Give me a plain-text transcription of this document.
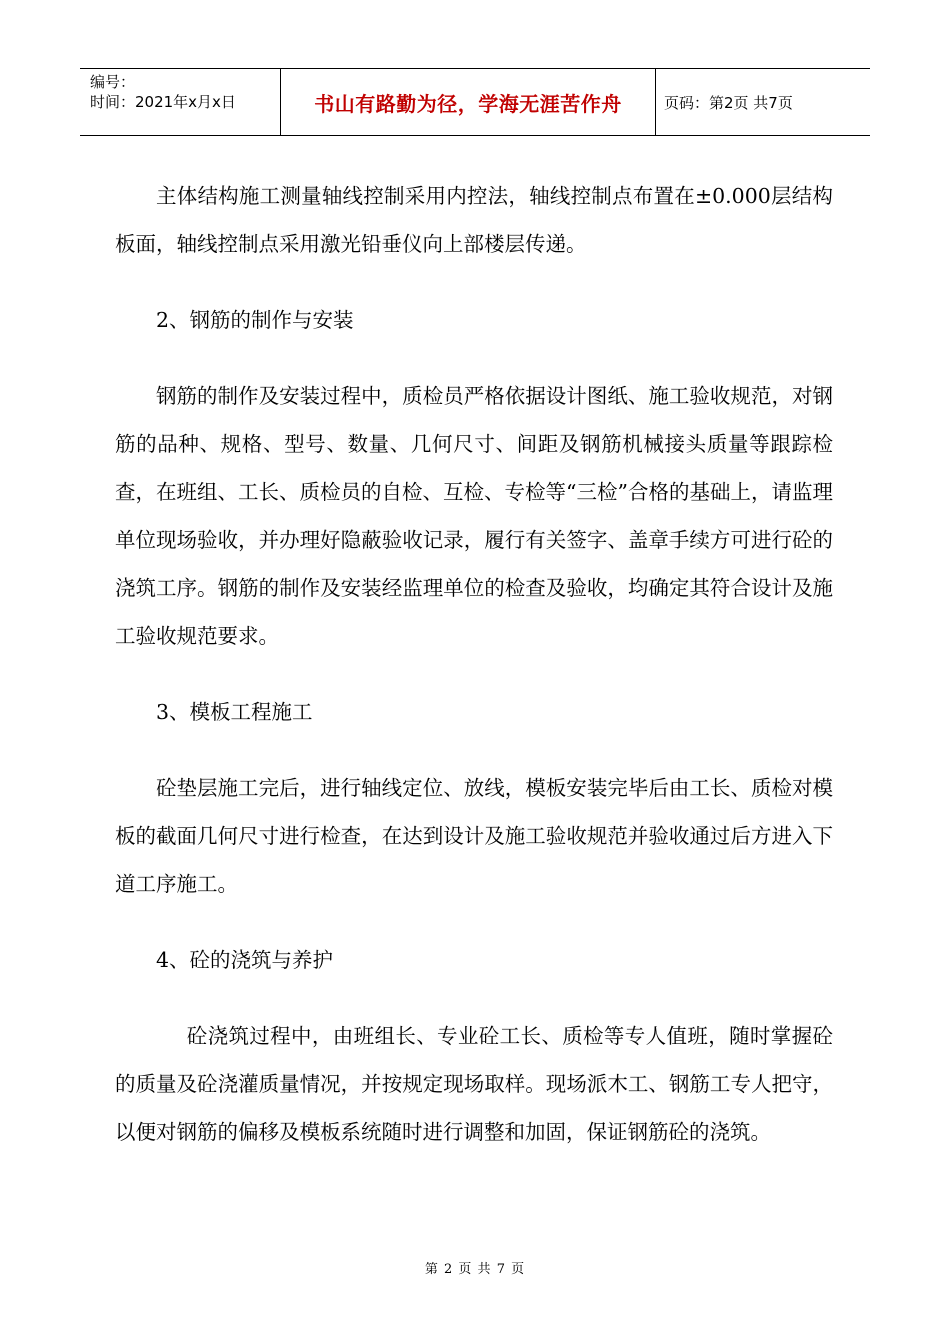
编号：
时间：2021年x月x日	书山有路勤为径，学海无涯苦作舟	页码：第2页 共7页

主体结构施工测量轴线控制采用内控法，轴线控制点布置在±0.000层结构板面，轴线控制点采用激光铅垂仪向上部楼层传递。

2、钢筋的制作与安装

钢筋的制作及安装过程中，质检员严格依据设计图纸、施工验收规范，对钢筋的品种、规格、型号、数量、几何尺寸、间距及钢筋机械接头质量等跟踪检查，在班组、工长、质检员的自检、互检、专检等“三检”合格的基础上，请监理单位现场验收，并办理好隐蔽验收记录，履行有关签字、盖章手续方可进行砼的浇筑工序。钢筋的制作及安装经监理单位的检查及验收，均确定其符合设计及施工验收规范要求。

3、模板工程施工

砼垫层施工完后，进行轴线定位、放线，模板安装完毕后由工长、质检对模板的截面几何尺寸进行检查，在达到设计及施工验收规范并验收通过后方进入下道工序施工。

4、砼的浇筑与养护

砼浇筑过程中，由班组长、专业砼工长、质检等专人值班，随时掌握砼的质量及砼浇灌质量情况，并按规定现场取样。现场派木工、钢筋工专人把守，以便对钢筋的偏移及模板系统随时进行调整和加固，保证钢筋砼的浇筑。

第 2 页 共 7 页
